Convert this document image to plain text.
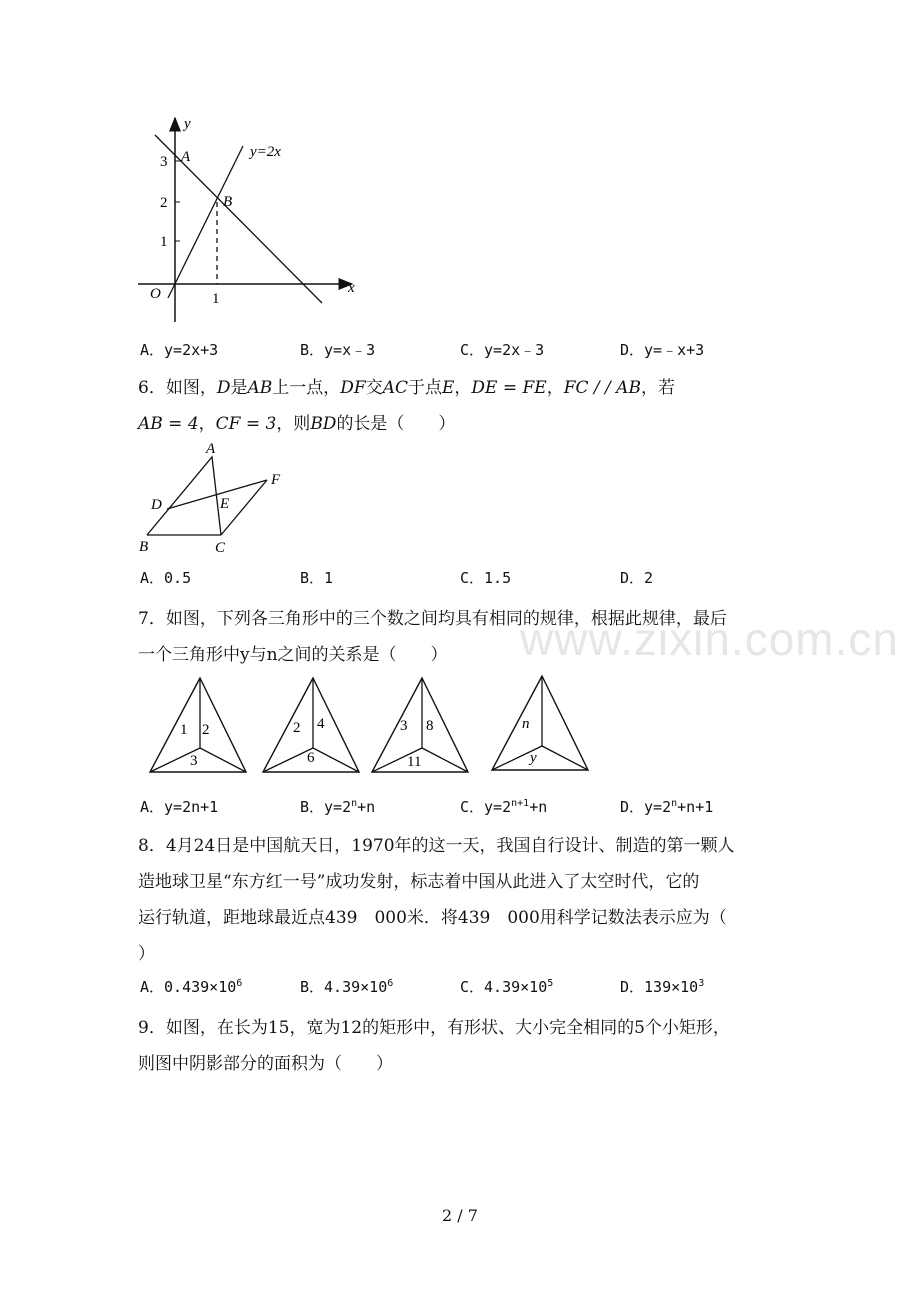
www.zixin.com.cn
y
x
O
y=2x
A
B
3
2
1
1
A．y=2x+3	B．y=x﹣3	C．y=2x﹣3	D．y=﹣x+3
6．如图，D是AB上一点，DF交AC于点E，DE = FE，FC / / AB，若
AB = 4，CF = 3，则BD的长是（　　）
A
B	C
D	E
F
A．0.5	B．1	C．1.5	D．2
7．如图，下列各三角形中的三个数之间均具有相同的规律，根据此规律，最后
一个三角形中y与n之间的关系是（　　）
1 2
3
2 4
6
3 8
11
n
y
A．y=2n+1	B．$y=2^n+n$	C．$y=2^{n+1}+n$	D．$y=2^n+n+1$
8．4月24日是中国航天日，1970年的这一天，我国自行设计、制造的第一颗人
造地球卫星“东方红一号”成功发射，标志着中国从此进入了太空时代，它的
运行轨道，距地球最近点439　000米．将439　000用科学记数法表示应为（
）
A．$0.439\times 10^6$	B．$4.39\times 10^6$	C．$4.39\times 10^5$	D．$139\times 10^3$
9．如图，在长为15，宽为12的矩形中，有形状、大小完全相同的5个小矩形，
则图中阴影部分的面积为（　　）
2 / 7
